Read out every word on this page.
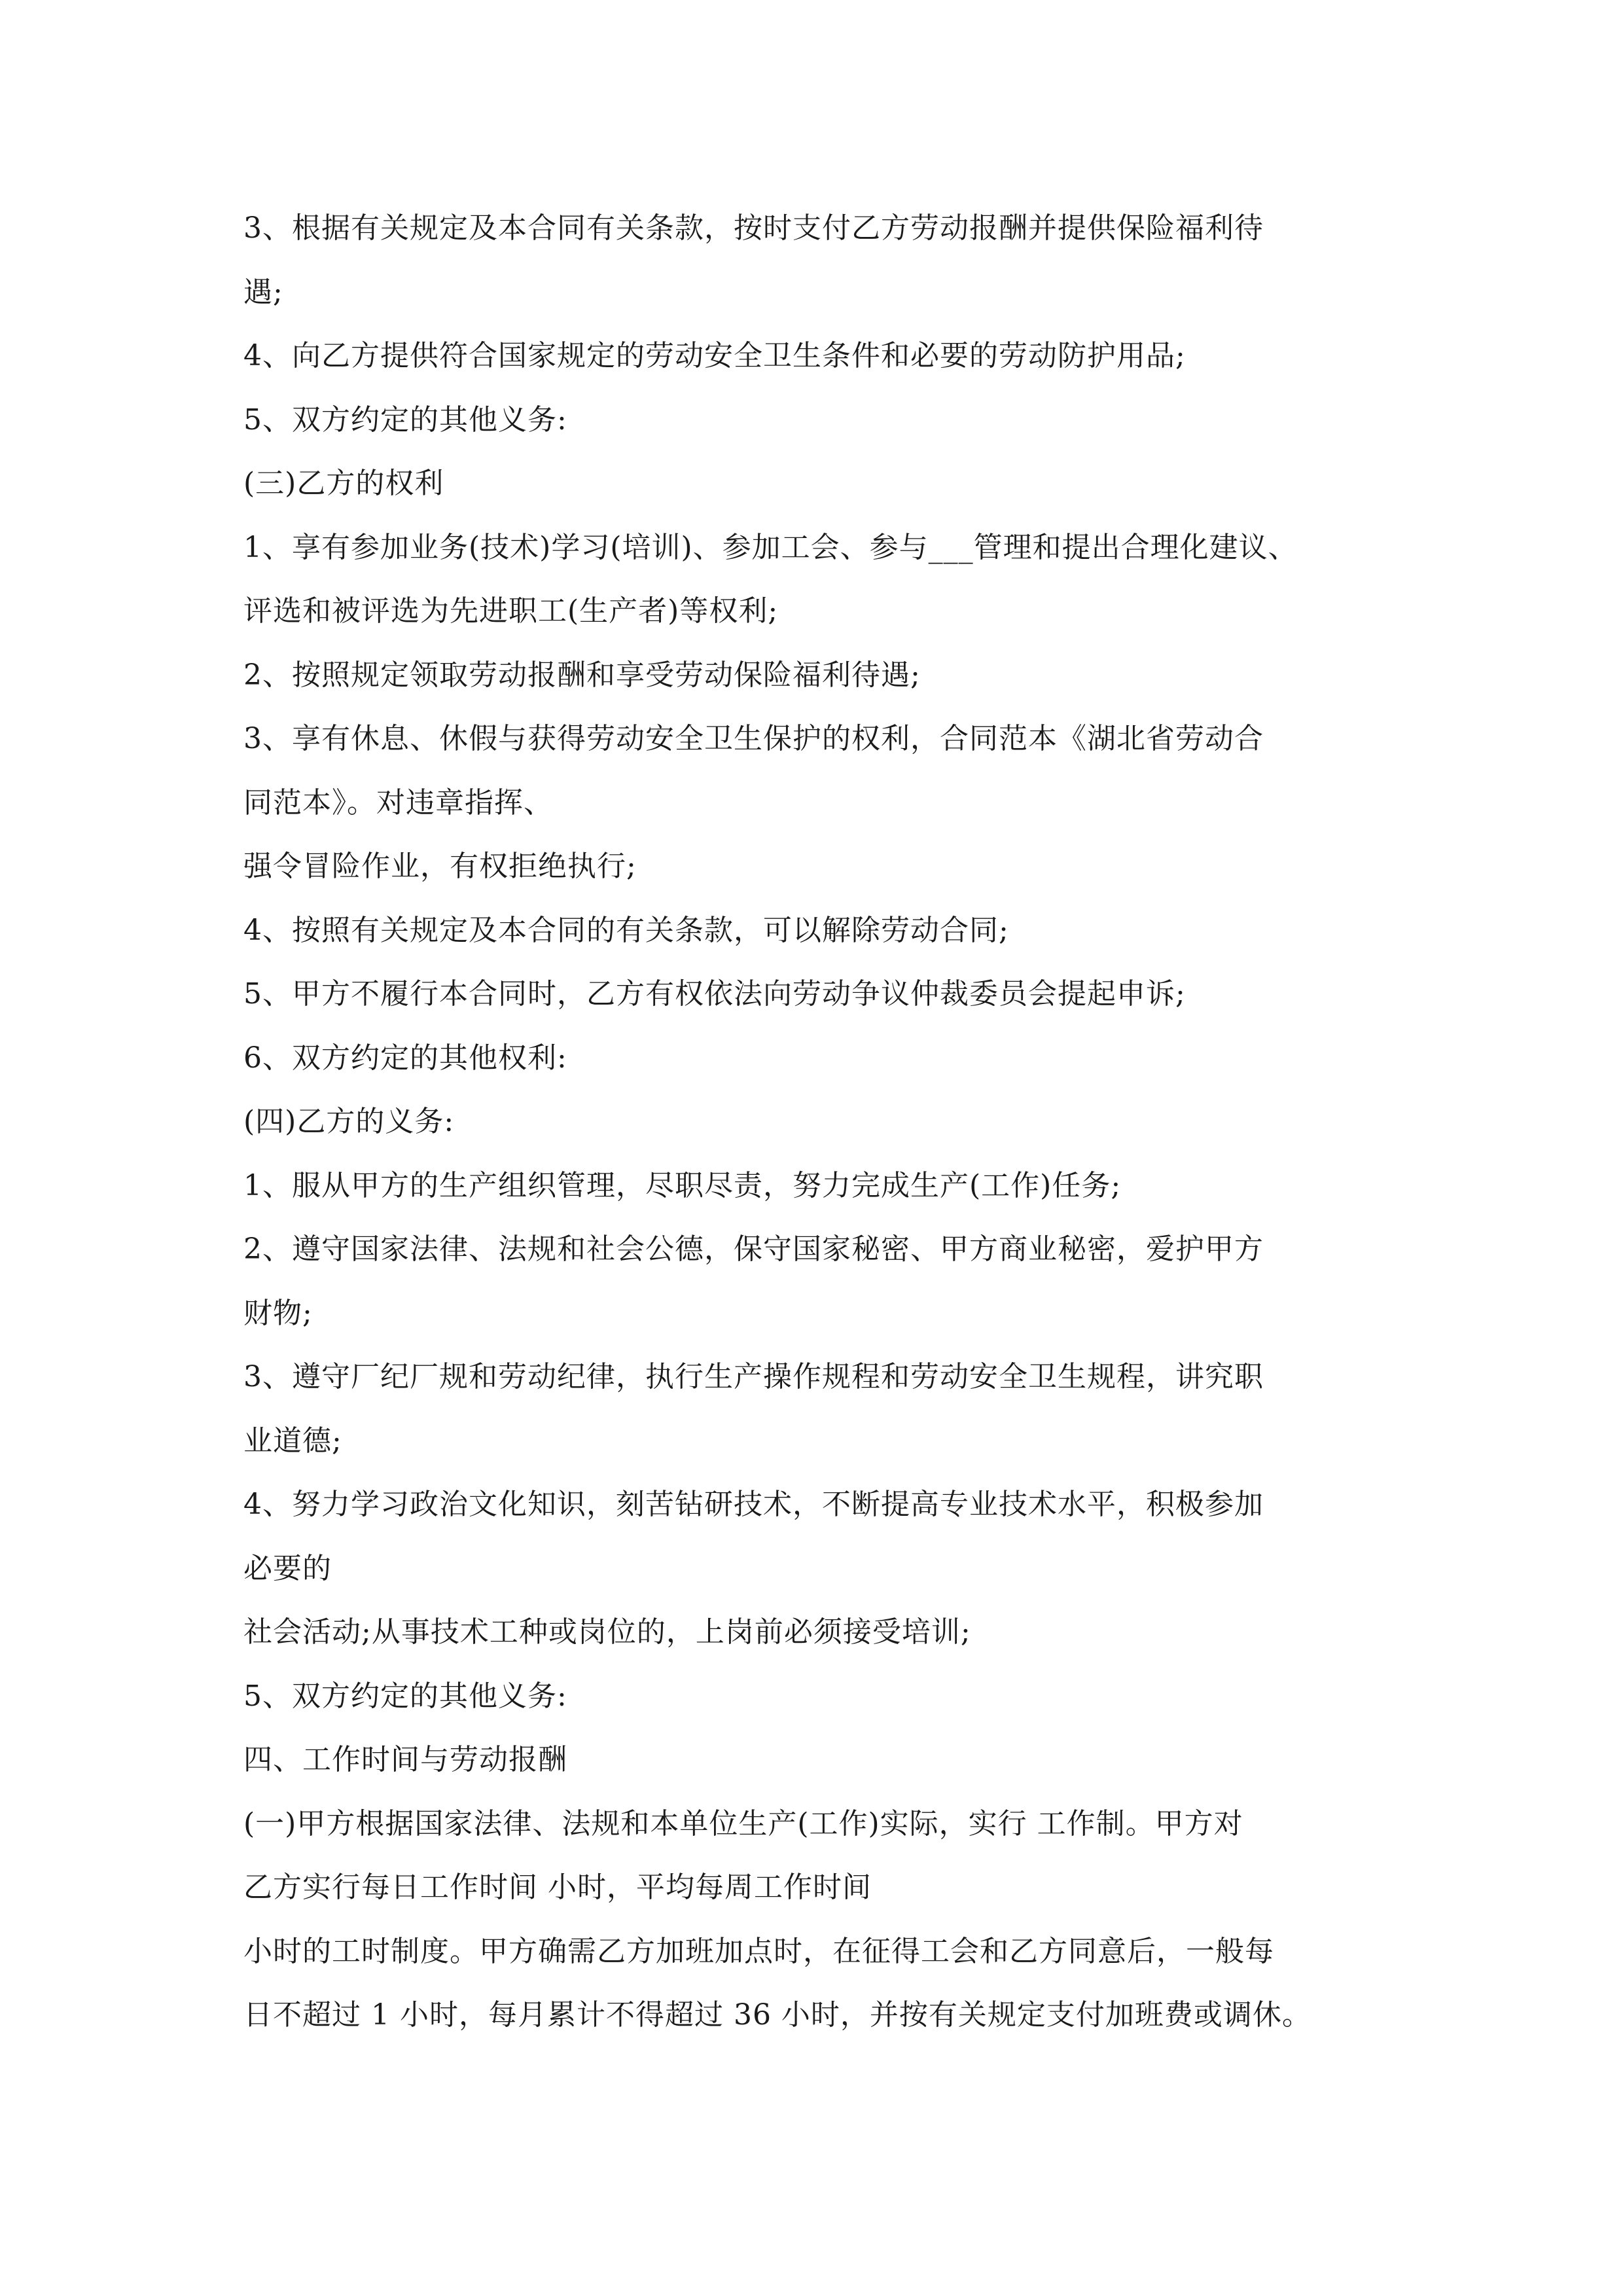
3、根据有关规定及本合同有关条款，按时支付乙方劳动报酬并提供保险福利待
遇;
4、向乙方提供符合国家规定的劳动安全卫生条件和必要的劳动防护用品;
5、双方约定的其他义务:
(三)乙方的权利
1、享有参加业务(技术)学习(培训)、参加工会、参与___管理和提出合理化建议、
评选和被评选为先进职工(生产者)等权利;
2、按照规定领取劳动报酬和享受劳动保险福利待遇;
3、享有休息、休假与获得劳动安全卫生保护的权利，合同范本《湖北省劳动合
同范本》。对违章指挥、
强令冒险作业，有权拒绝执行;
4、按照有关规定及本合同的有关条款，可以解除劳动合同;
5、甲方不履行本合同时，乙方有权依法向劳动争议仲裁委员会提起申诉;
6、双方约定的其他权利:
(四)乙方的义务:
1、服从甲方的生产组织管理，尽职尽责，努力完成生产(工作)任务;
2、遵守国家法律、法规和社会公德，保守国家秘密、甲方商业秘密，爱护甲方
财物;
3、遵守厂纪厂规和劳动纪律，执行生产操作规程和劳动安全卫生规程，讲究职
业道德;
4、努力学习政治文化知识，刻苦钻研技术，不断提高专业技术水平，积极参加
必要的
社会活动;从事技术工种或岗位的，上岗前必须接受培训;
5、双方约定的其他义务:
四、工作时间与劳动报酬
(一)甲方根据国家法律、法规和本单位生产(工作)实际，实行 工作制。甲方对
乙方实行每日工作时间 小时，平均每周工作时间
小时的工时制度。甲方确需乙方加班加点时，在征得工会和乙方同意后，一般每
日不超过 1 小时，每月累计不得超过 36 小时，并按有关规定支付加班费或调休。
